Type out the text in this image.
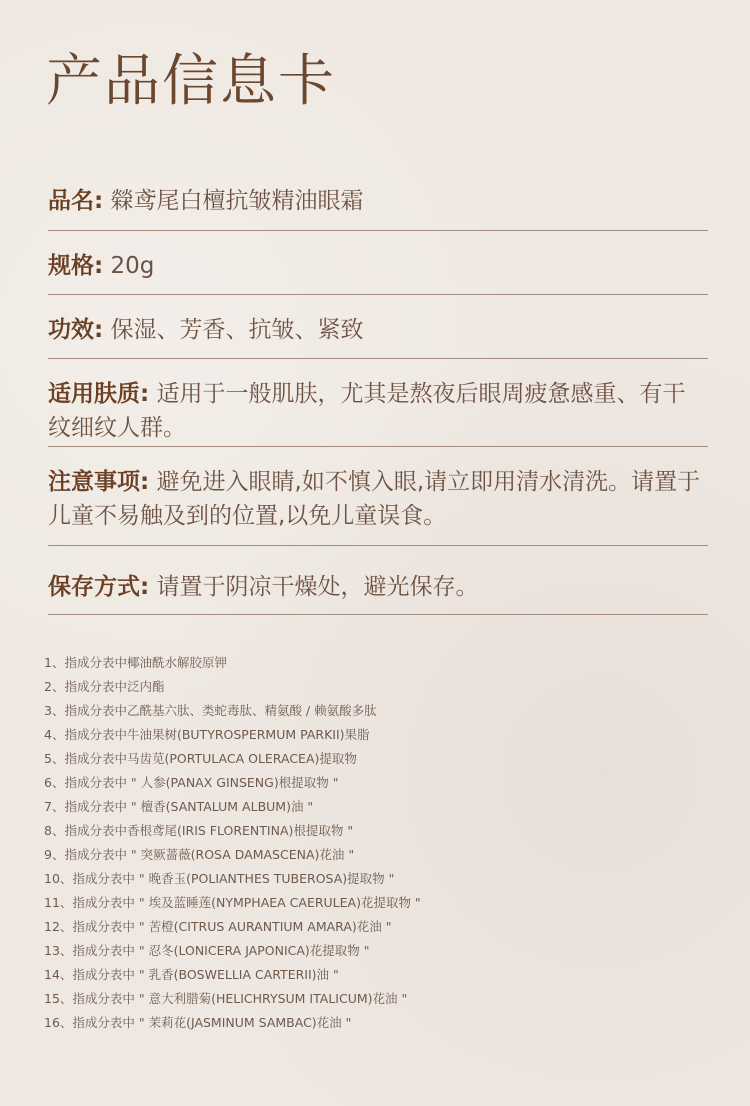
产品信息卡
品名: 檾鸢尾白檀抗皱精油眼霜
规格: 20g
功效: 保湿、芳香、抗皱、紧致
适用肤质: 适用于一般肌肤，尤其是熬夜后眼周疲惫感重、有干纹细纹人群。
注意事项: 避免进入眼睛,如不慎入眼,请立即用清水清洗。请置于儿童不易触及到的位置,以免儿童误食。
保存方式: 请置于阴凉干燥处，避光保存。
1、指成分表中椰油酰水解胶原钾
2、指成分表中泛内酯
3、指成分表中乙酰基六肽、类蛇毒肽、精氨酸 / 赖氨酸多肽
4、指成分表中牛油果树(BUTYROSPERMUM PARKII)果脂
5、指成分表中马齿苋(PORTULACA OLERACEA)提取物
6、指成分表中 " 人参(PANAX GINSENG)根提取物 "
7、指成分表中 " 檀香(SANTALUM ALBUM)油 "
8、指成分表中香根鸢尾(IRIS FLORENTINA)根提取物 "
9、指成分表中 " 突厥蔷薇(ROSA DAMASCENA)花油 "
10、指成分表中 " 晚香玉(POLIANTHES TUBEROSA)提取物 "
11、指成分表中 " 埃及蓝睡莲(NYMPHAEA CAERULEA)花提取物 "
12、指成分表中 " 苦橙(CITRUS AURANTIUM AMARA)花油 "
13、指成分表中 " 忍冬(LONICERA JAPONICA)花提取物 "
14、指成分表中 " 乳香(BOSWELLIA CARTERII)油 "
15、指成分表中 " 意大利腊菊(HELICHRYSUM ITALICUM)花油 "
16、指成分表中 " 茉莉花(JASMINUM SAMBAC)花油 "
